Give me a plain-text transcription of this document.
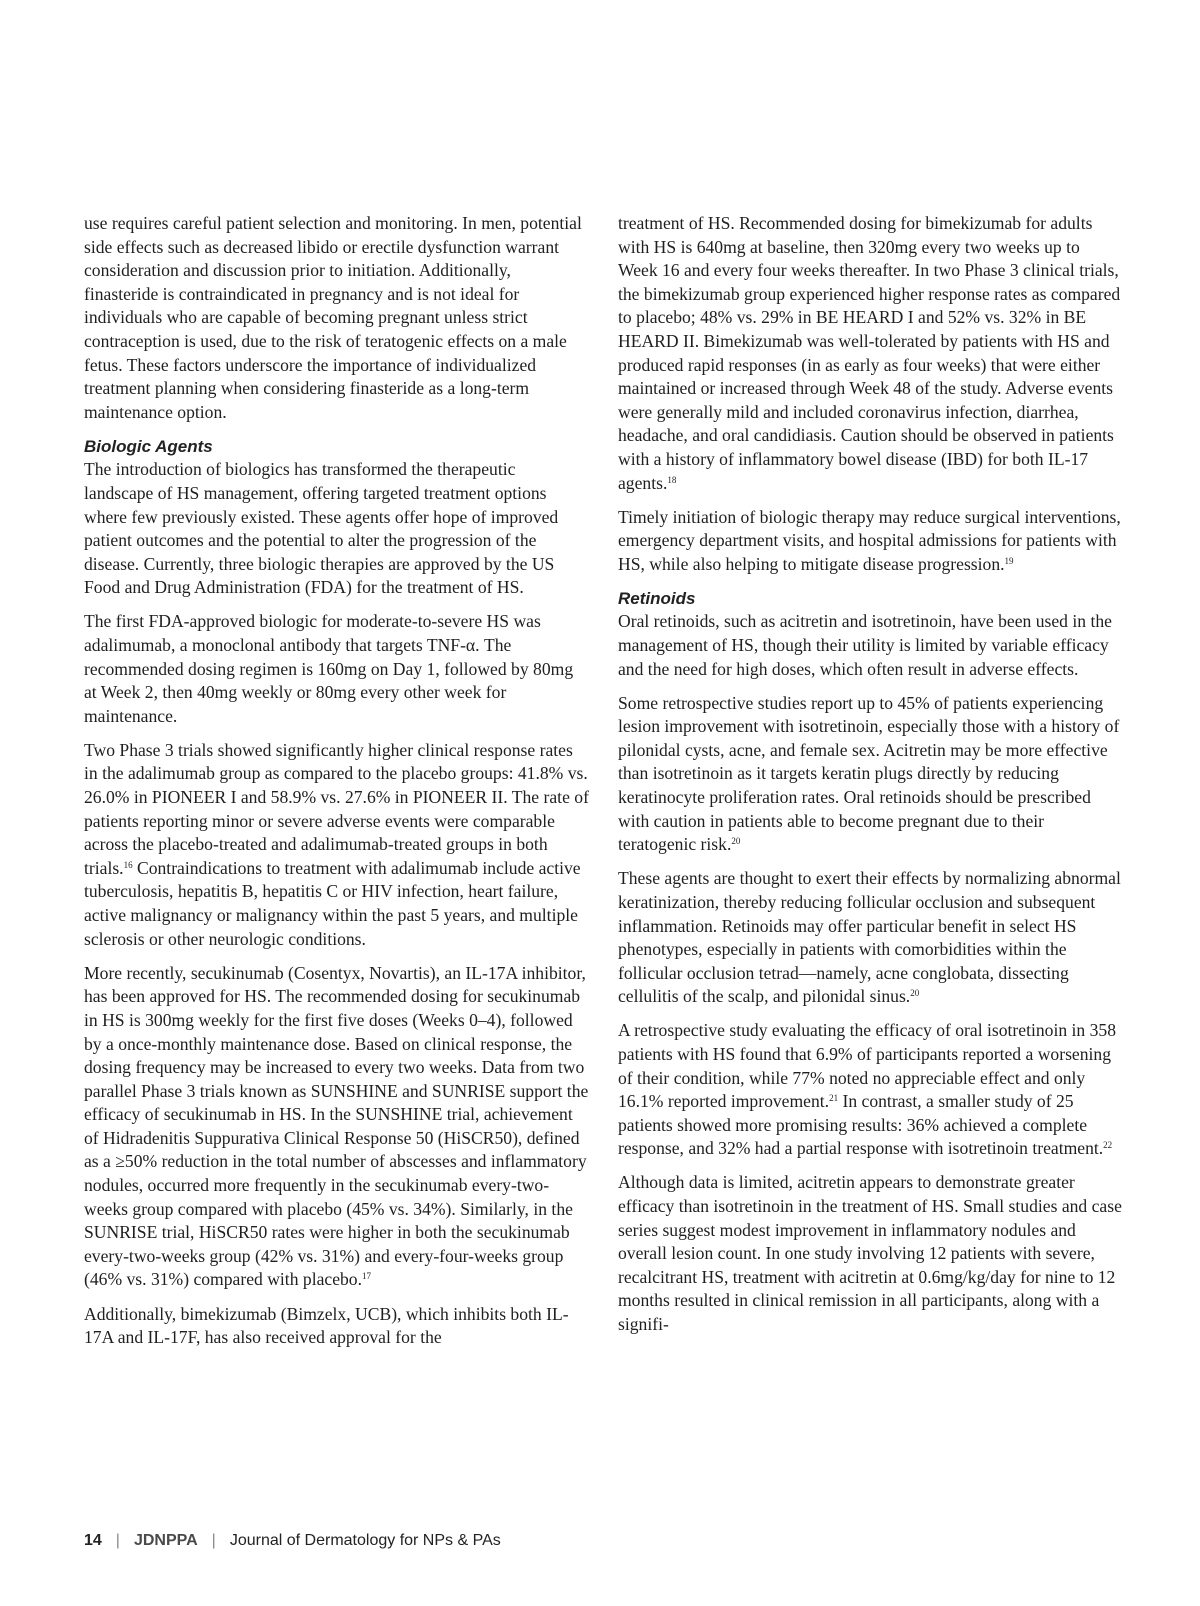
use requires careful patient selection and monitoring. In men, potential side effects such as decreased libido or erectile dysfunction warrant consideration and discussion prior to initiation. Additionally, finasteride is contraindicated in pregnancy and is not ideal for individuals who are capable of becoming pregnant unless strict contraception is used, due to the risk of teratogenic effects on a male fetus. These factors underscore the importance of individualized treatment planning when considering finasteride as a long-term maintenance option.

Biologic Agents

The introduction of biologics has transformed the therapeutic landscape of HS management, offering targeted treatment options where few previously existed. These agents offer hope of improved patient outcomes and the potential to alter the progression of the disease. Currently, three biologic therapies are approved by the US Food and Drug Administration (FDA) for the treatment of HS.

The first FDA-approved biologic for moderate-to-severe HS was adalimumab, a monoclonal antibody that targets TNF-α. The recommended dosing regimen is 160mg on Day 1, followed by 80mg at Week 2, then 40mg weekly or 80mg every other week for maintenance.

Two Phase 3 trials showed significantly higher clinical response rates in the adalimumab group as compared to the placebo groups: 41.8% vs. 26.0% in PIONEER I and 58.9% vs. 27.6% in PIONEER II. The rate of patients reporting minor or severe adverse events were comparable across the placebo-treated and adalimumab-treated groups in both trials.$^{16}$ Contraindications to treatment with adalimumab include active tuberculosis, hepatitis B, hepatitis C or HIV infection, heart failure, active malignancy or malignancy within the past 5 years, and multiple sclerosis or other neurologic conditions.

More recently, secukinumab (Cosentyx, Novartis), an IL-17A inhibitor, has been approved for HS. The recommended dosing for secukinumab in HS is 300mg weekly for the first five doses (Weeks 0–4), followed by a once-monthly maintenance dose. Based on clinical response, the dosing frequency may be increased to every two weeks. Data from two parallel Phase 3 trials known as SUNSHINE and SUNRISE support the efficacy of secukinumab in HS. In the SUNSHINE trial, achievement of Hidradenitis Suppurativa Clinical Response 50 (HiSCR50), defined as a ≥50% reduction in the total number of abscesses and inflammatory nodules, occurred more frequently in the secukinumab every-two-weeks group compared with placebo (45% vs. 34%). Similarly, in the SUNRISE trial, HiSCR50 rates were higher in both the secukinumab every-two-weeks group (42% vs. 31%) and every-four-weeks group (46% vs. 31%) compared with placebo.$^{17}$

Additionally, bimekizumab (Bimzelx, UCB), which inhibits both IL-17A and IL-17F, has also received approval for the

treatment of HS. Recommended dosing for bimekizumab for adults with HS is 640mg at baseline, then 320mg every two weeks up to Week 16 and every four weeks thereafter. In two Phase 3 clinical trials, the bimekizumab group experienced higher response rates as compared to placebo; 48% vs. 29% in BE HEARD I and 52% vs. 32% in BE HEARD II. Bimekizumab was well-tolerated by patients with HS and produced rapid responses (in as early as four weeks) that were either maintained or increased through Week 48 of the study. Adverse events were generally mild and included coronavirus infection, diarrhea, headache, and oral candidiasis. Caution should be observed in patients with a history of inflammatory bowel disease (IBD) for both IL-17 agents.$^{18}$

Timely initiation of biologic therapy may reduce surgical interventions, emergency department visits, and hospital admissions for patients with HS, while also helping to mitigate disease progression.$^{19}$

Retinoids

Oral retinoids, such as acitretin and isotretinoin, have been used in the management of HS, though their utility is limited by variable efficacy and the need for high doses, which often result in adverse effects.

Some retrospective studies report up to 45% of patients experiencing lesion improvement with isotretinoin, especially those with a history of pilonidal cysts, acne, and female sex. Acitretin may be more effective than isotretinoin as it targets keratin plugs directly by reducing keratinocyte proliferation rates. Oral retinoids should be prescribed with caution in patients able to become pregnant due to their teratogenic risk.$^{20}$

These agents are thought to exert their effects by normalizing abnormal keratinization, thereby reducing follicular occlusion and subsequent inflammation. Retinoids may offer particular benefit in select HS phenotypes, especially in patients with comorbidities within the follicular occlusion tetrad—namely, acne conglobata, dissecting cellulitis of the scalp, and pilonidal sinus.$^{20}$

A retrospective study evaluating the efficacy of oral isotretinoin in 358 patients with HS found that 6.9% of participants reported a worsening of their condition, while 77% noted no appreciable effect and only 16.1% reported improvement.$^{21}$ In contrast, a smaller study of 25 patients showed more promising results: 36% achieved a complete response, and 32% had a partial response with isotretinoin treatment.$^{22}$

Although data is limited, acitretin appears to demonstrate greater efficacy than isotretinoin in the treatment of HS. Small studies and case series suggest modest improvement in inflammatory nodules and overall lesion count. In one study involving 12 patients with severe, recalcitrant HS, treatment with acitretin at 0.6mg/kg/day for nine to 12 months resulted in clinical remission in all participants, along with a signifi-

14 | JDNPPA | Journal of Dermatology for NPs & PAs
